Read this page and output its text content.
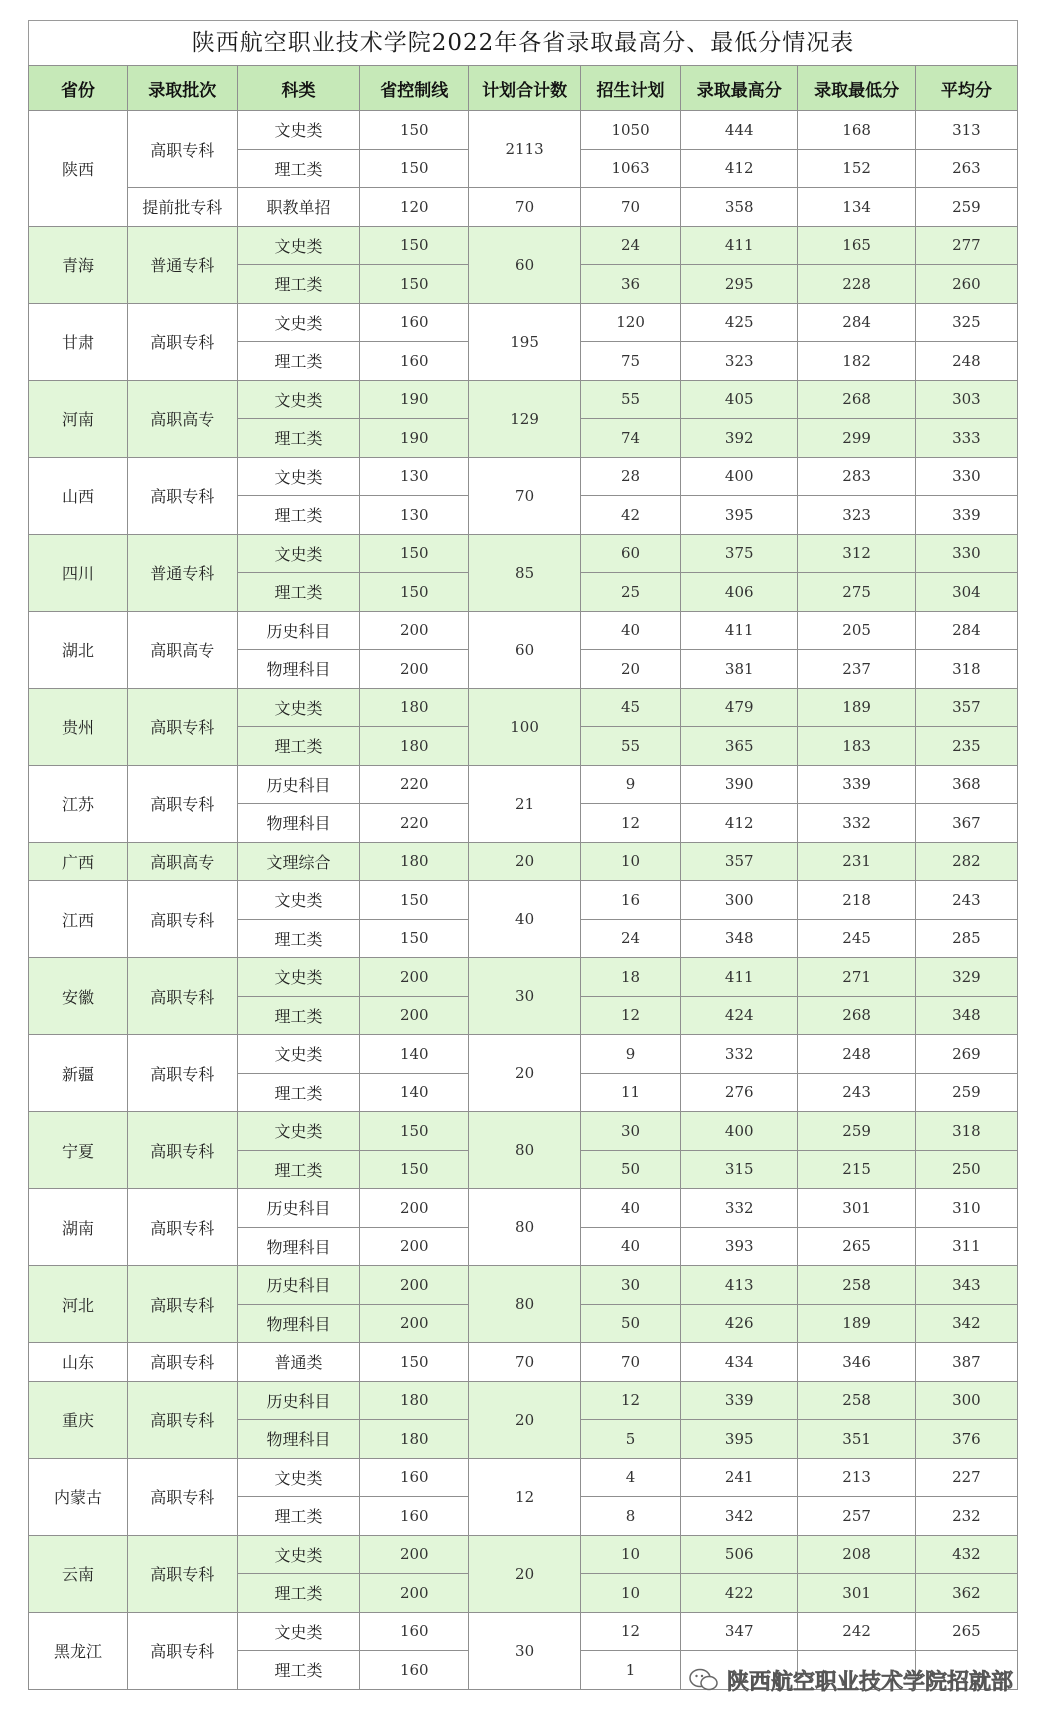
陕西航空职业技术学院2022年各省录取最高分、最低分情况表
省份	录取批次	科类	省控制线	计划合计数	招生计划	录取最高分	录取最低分	平均分
陕西	高职专科	文史类	150	2113	1050	444	168	313
		理工类	150		1063	412	152	263
	提前批专科	职教单招	120	70	70	358	134	259
青海	普通专科	文史类	150	60	24	411	165	277
		理工类	150		36	295	228	260
甘肃	高职专科	文史类	160	195	120	425	284	325
		理工类	160		75	323	182	248
河南	高职高专	文史类	190	129	55	405	268	303
		理工类	190		74	392	299	333
山西	高职专科	文史类	130	70	28	400	283	330
		理工类	130		42	395	323	339
四川	普通专科	文史类	150	85	60	375	312	330
		理工类	150		25	406	275	304
湖北	高职高专	历史科目	200	60	40	411	205	284
		物理科目	200		20	381	237	318
贵州	高职专科	文史类	180	100	45	479	189	357
		理工类	180		55	365	183	235
江苏	高职专科	历史科目	220	21	9	390	339	368
		物理科目	220		12	412	332	367
广西	高职高专	文理综合	180	20	10	357	231	282
江西	高职专科	文史类	150	40	16	300	218	243
		理工类	150		24	348	245	285
安徽	高职专科	文史类	200	30	18	411	271	329
		理工类	200		12	424	268	348
新疆	高职专科	文史类	140	20	9	332	248	269
		理工类	140		11	276	243	259
宁夏	高职专科	文史类	150	80	30	400	259	318
		理工类	150		50	315	215	250
湖南	高职专科	历史科目	200	80	40	332	301	310
		物理科目	200		40	393	265	311
河北	高职专科	历史科目	200	80	30	413	258	343
		物理科目	200		50	426	189	342
山东	高职专科	普通类	150	70	70	434	346	387
重庆	高职专科	历史科目	180	20	12	339	258	300
		物理科目	180		5	395	351	376
内蒙古	高职专科	文史类	160	12	4	241	213	227
		理工类	160		8	342	257	232
云南	高职专科	文史类	200	20	10	506	208	432
		理工类	200		10	422	301	362
黑龙江	高职专科	文史类	160	30	12	347	242	265
		理工类	160		1				陕西航空职业技术学院招就部
